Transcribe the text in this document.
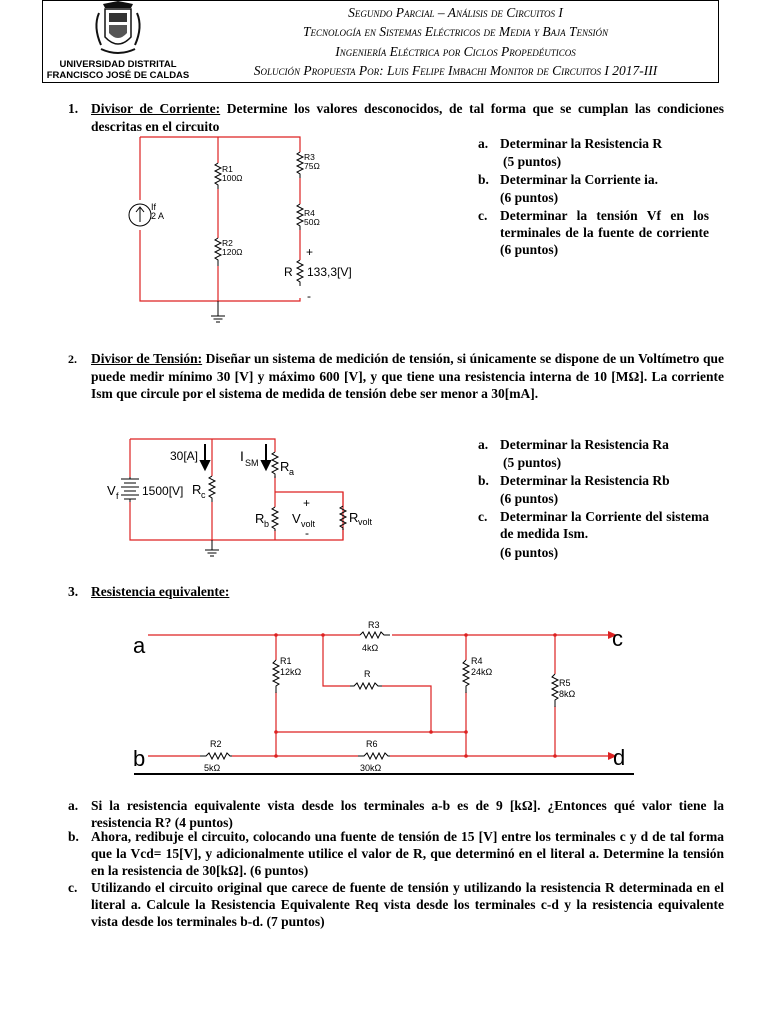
UNIVERSIDAD DISTRITAL
FRANCISCO JOSÉ DE CALDAS
Segundo Parcial – Análisis de Circuitos I
Tecnología en Sistemas Eléctricos de Media y Baja Tensión
Ingeniería Eléctrica por Ciclos Propedéuticos
Solución Propuesta Por: Luis Felipe Imbachi Monitor de Circuitos I 2017-III
1. Divisor de Corriente: Determine los valores desconocidos, de tal forma que se cumplan las condiciones descritas en el circuito
a. Determinar la Resistencia R
(5 puntos)
b. Determinar la Corriente ia.
(6 puntos)
c. Determinar la tensión Vf en los terminales de la fuente de corriente (6 puntos)
If
2 A
R1
100Ω
R2
120Ω
R3
75Ω
R4
50Ω
+
R 133,3[V]
-
2. Divisor de Tensión: Diseñar un sistema de medición de tensión, si únicamente se dispone de un Voltímetro que puede medir mínimo 30 [V] y máximo 600 [V], y que tiene una resistencia interna de 10 [MΩ]. La corriente Ism que circule por el sistema de medida de tensión debe ser menor a 30[mA].
a. Determinar la Resistencia Ra
(5 puntos)
b. Determinar la Resistencia Rb
(6 puntos)
c. Determinar la Corriente del sistema de medida Ism.
(6 puntos)
30[A]	I SM R a
V f 1500[V] R c
+
R b V volt	R
-
volt
3. Resistencia equivalente:
a
b
c
d
R3
4kΩ
R1
12kΩ	R
R4
24kΩ
R5
8kΩ
R2
5kΩ
R6
30kΩ
a. Si la resistencia equivalente vista desde los terminales a-b es de 9 [kΩ]. ¿Entonces qué valor tiene la resistencia R? (4 puntos)
b. Ahora, redibuje el circuito, colocando una fuente de tensión de 15 [V] entre los terminales c y d de tal forma que la Vcd= 15[V], y adicionalmente utilice el valor de R, que determinó en el literal a. Determine la tensión en la resistencia de 30[kΩ]. (6 puntos)
c. Utilizando el circuito original que carece de fuente de tensión y utilizando la resistencia R determinada en el literal a. Calcule la Resistencia Equivalente Req vista desde los terminales c-d y la resistencia equivalente vista desde los terminales b-d. (7 puntos)
